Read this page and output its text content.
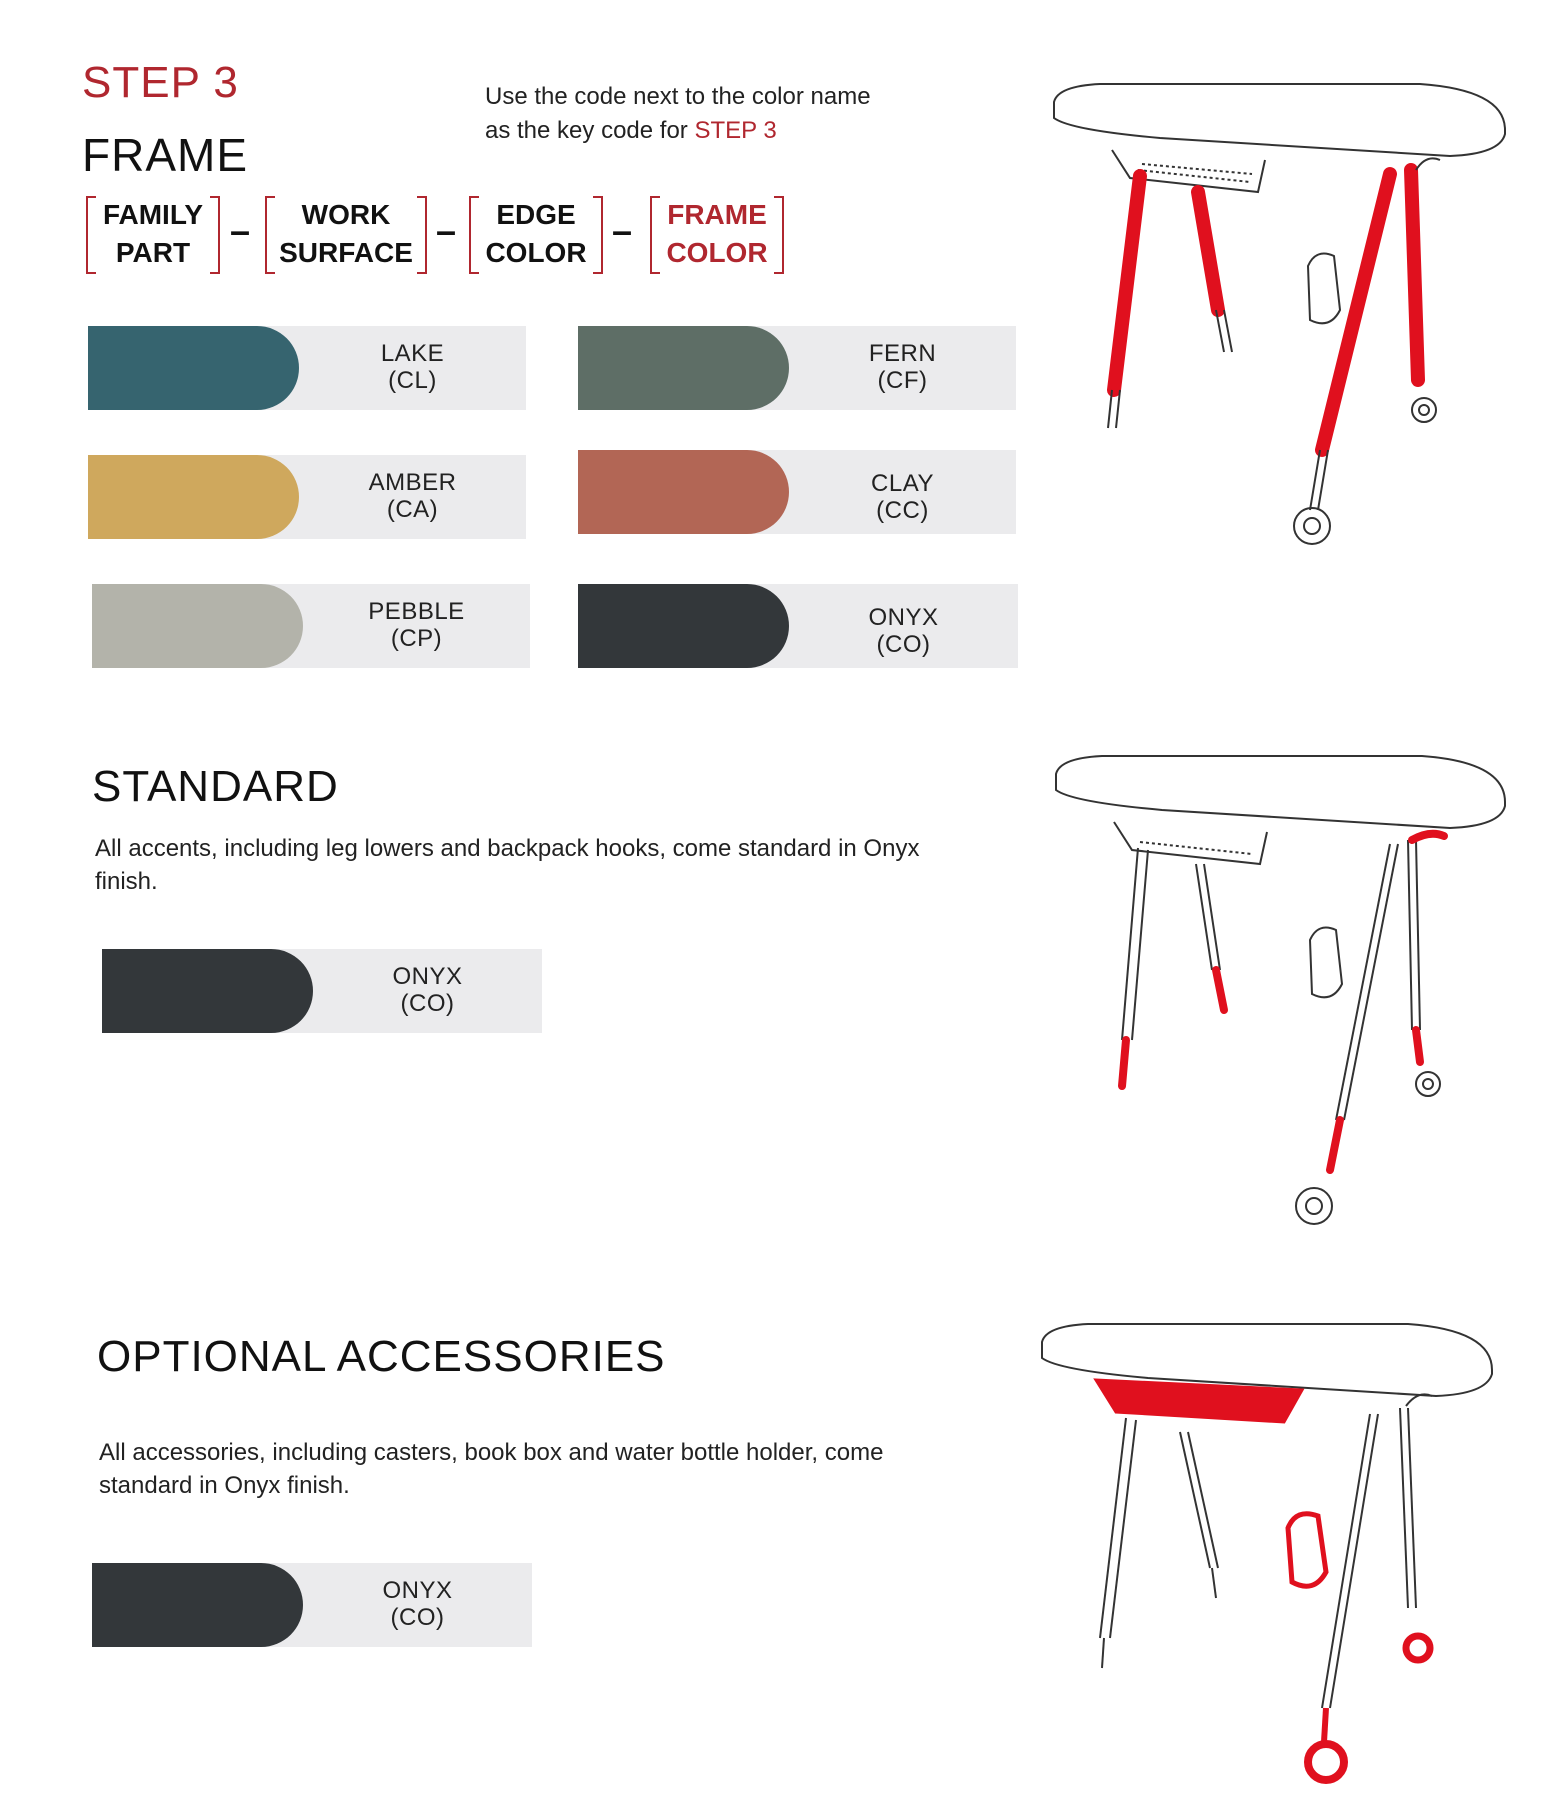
STEP 3
FRAME
Use the code next to the color name
as the key code for STEP 3
FAMILY
PART
–	WORK
SURFACE
–	EDGE
COLOR
– FRAME
COLOR
LAKE
(CL)
FERN
(CF)
AMBER
(CA)
CLAY
(CC)
PEBBLE
(CP)
ONYX
(CO)
STANDARD
All accents, including leg lowers and backpack hooks, come standard in Onyx
finish.
ONYX
(CO)
OPTIONAL ACCESSORIES
All accessories, including casters, book box and water bottle holder, come
standard in Onyx finish.
ONYX
(CO)
